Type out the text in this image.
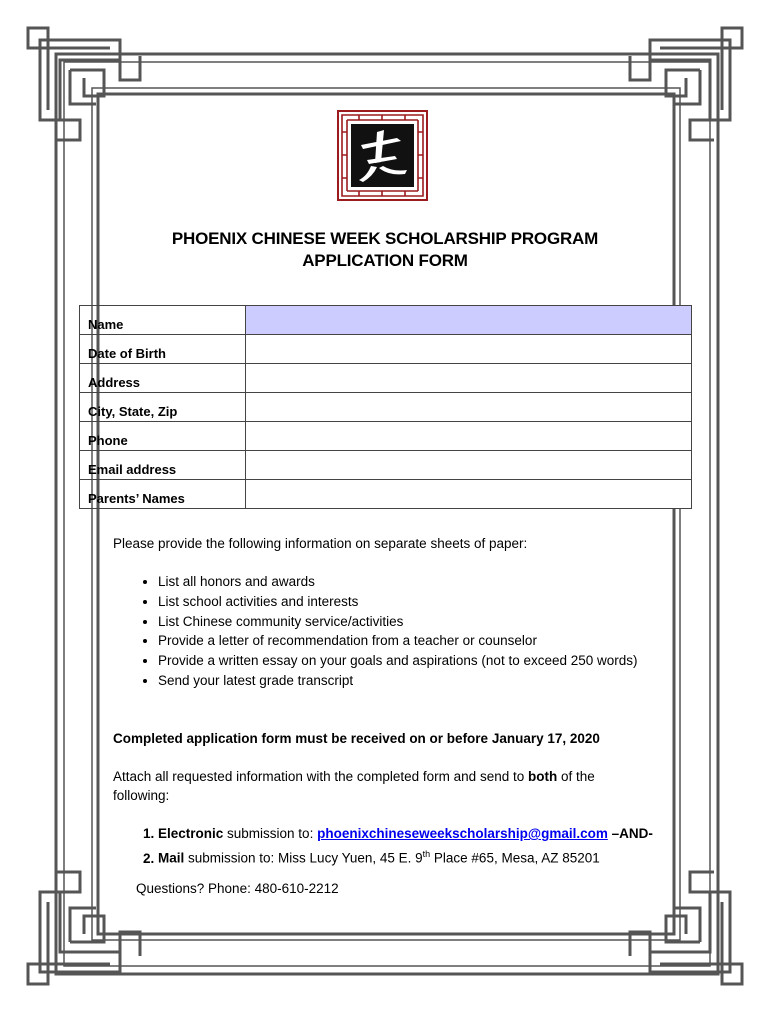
PHOENIX CHINESE WEEK SCHOLARSHIP PROGRAM
APPLICATION FORM
Name	
Date of Birth	
Address	
City, State, Zip	
Phone	
Email address	
Parents’ Names	
Please provide the following information on separate sheets of paper:
• List all honors and awards
• List school activities and interests
• List Chinese community service/activities
• Provide a letter of recommendation from a teacher or counselor
• Provide a written essay on your goals and aspirations (not to exceed 250 words)
• Send your latest grade transcript
Completed application form must be received on or before January 17, 2020
Attach all requested information with the completed form and send to both of the following:
1. Electronic submission to: phoenixchineseweekscholarship@gmail.com –AND-
2. Mail submission to: Miss Lucy Yuen, 45 E. 9th Place #65, Mesa, AZ 85201
Questions? Phone: 480-610-2212
